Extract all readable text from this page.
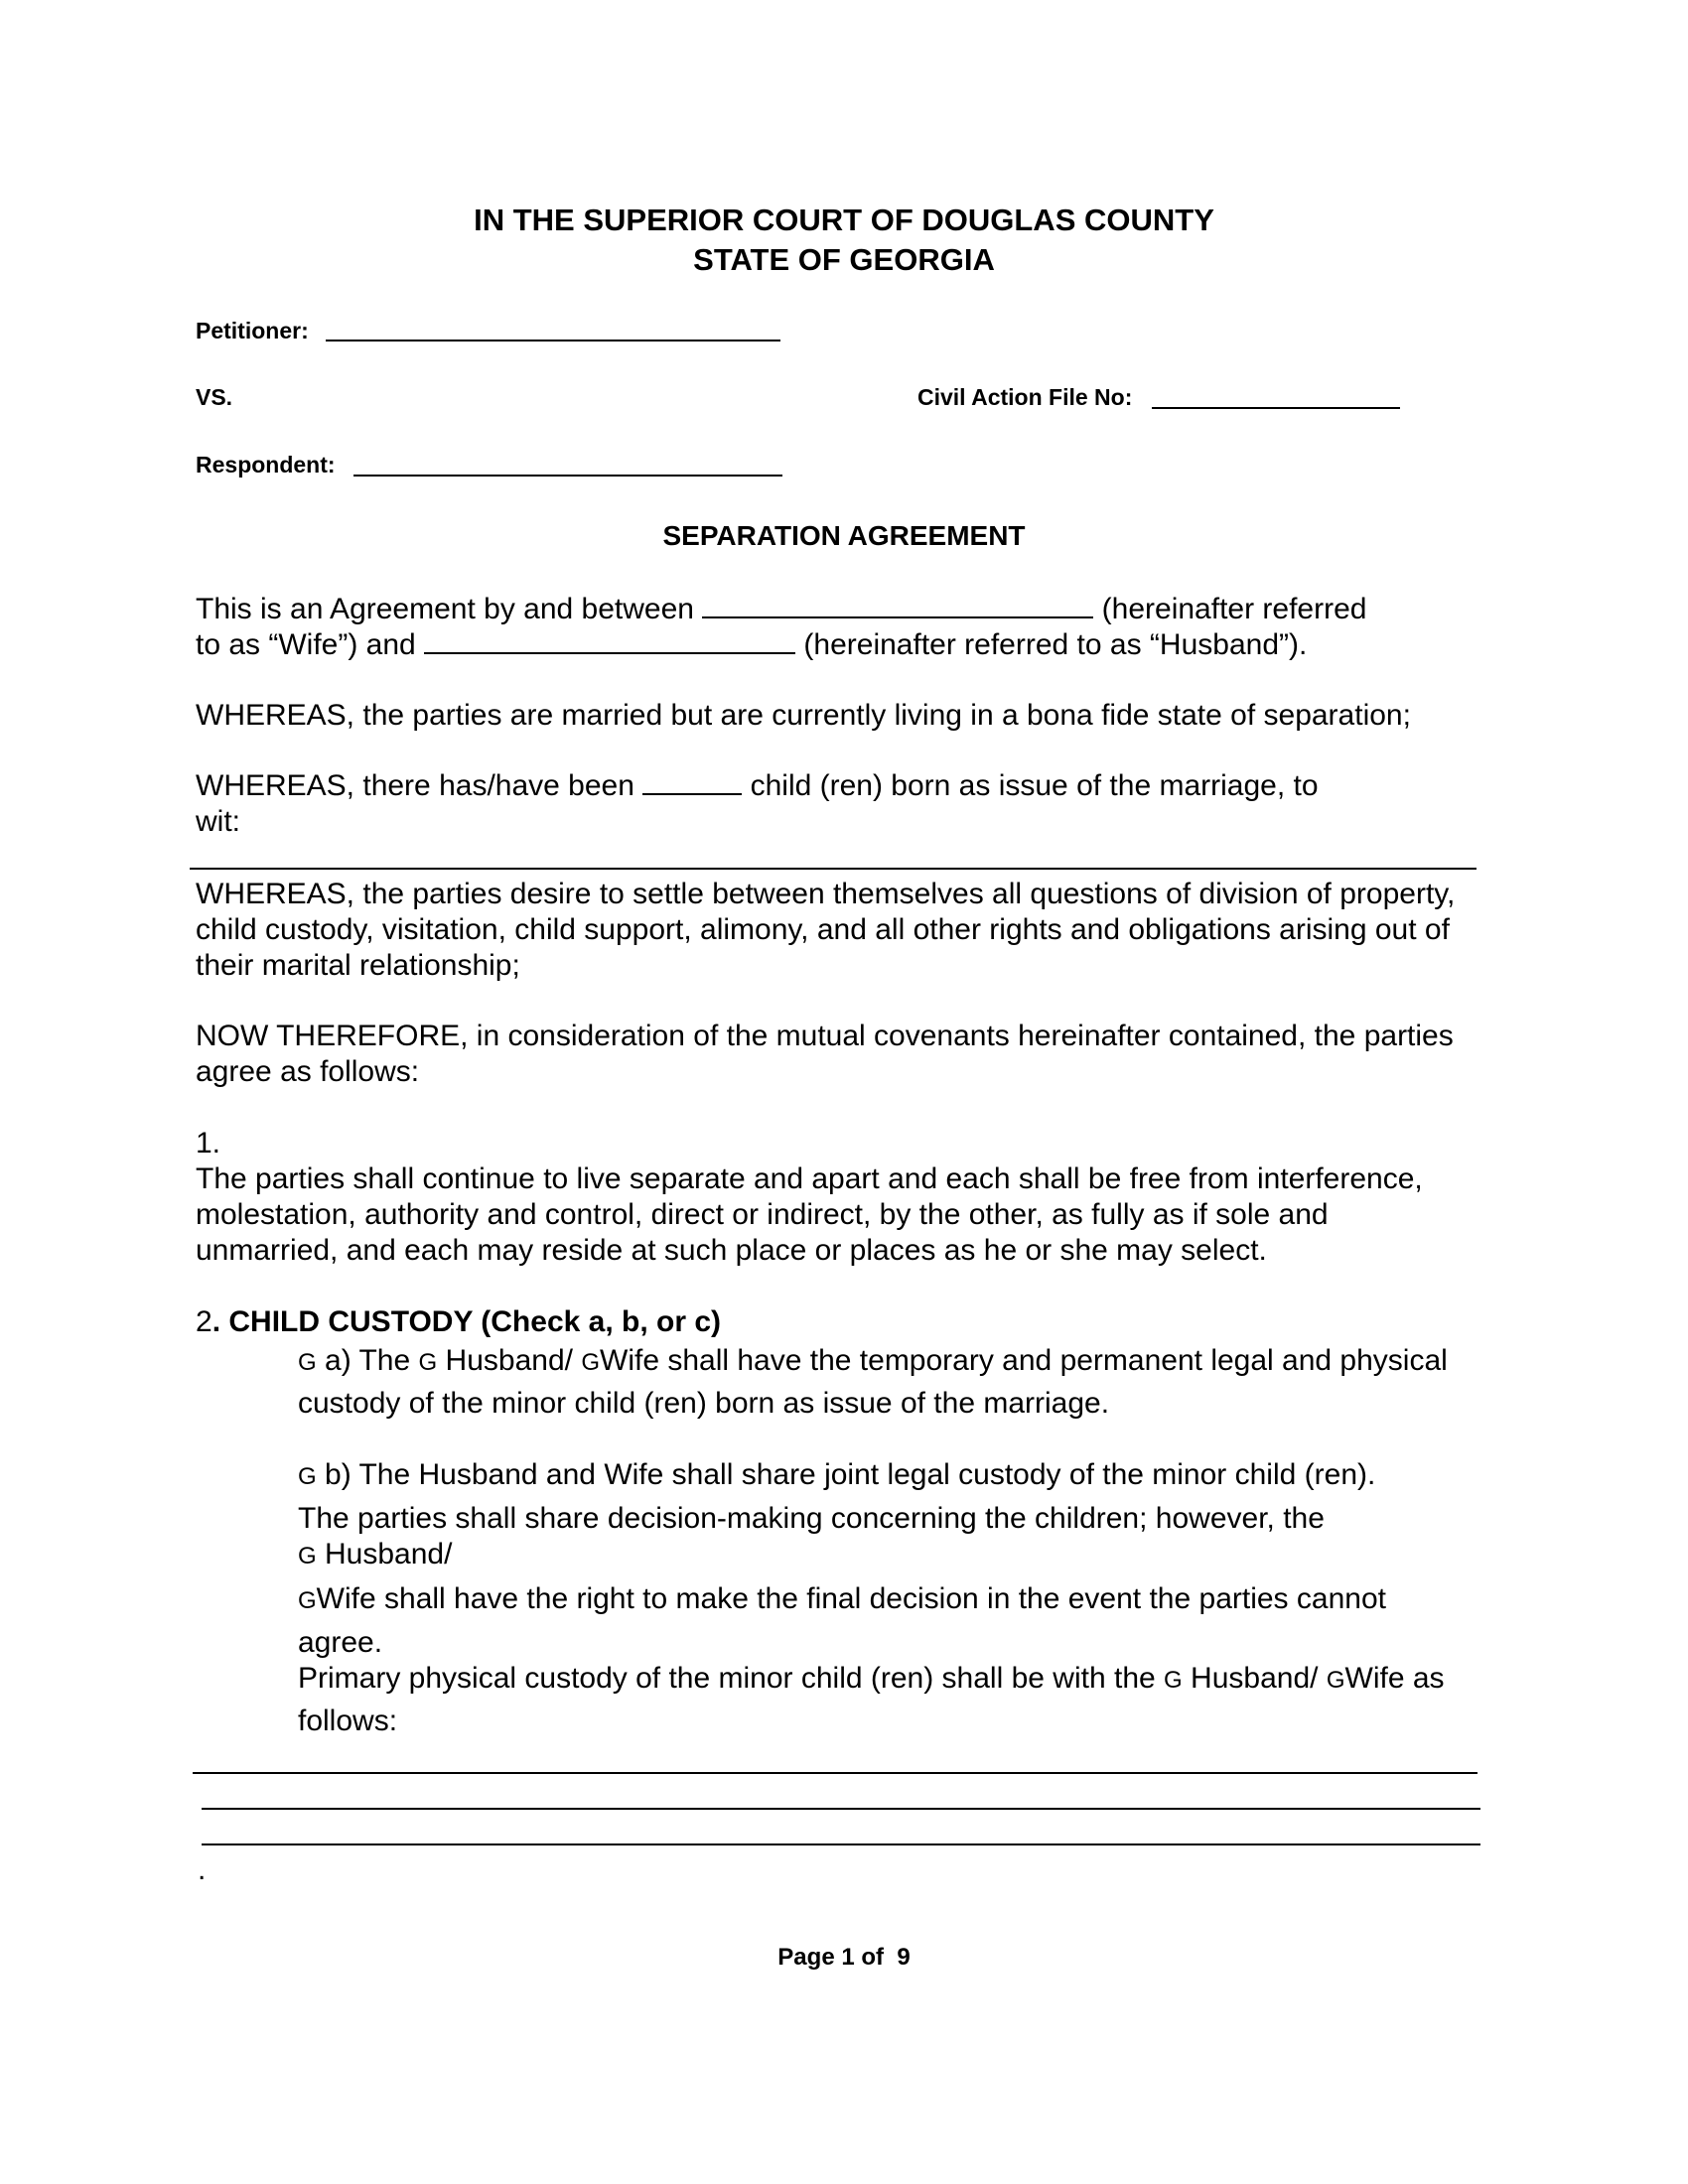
IN THE SUPERIOR COURT OF DOUGLAS COUNTY
STATE OF GEORGIA
Petitioner:
VS.	Civil Action File No:
Respondent:
SEPARATION AGREEMENT
This is an Agreement by and between	(hereinafter referred
to as “Wife”) and	(hereinafter referred to as “Husband”).
WHEREAS, the parties are married but are currently living in a bona fide state of separation;
WHEREAS, there has/have been	child (ren) born as issue of the marriage, to
wit:
WHEREAS, the parties desire to settle between themselves all questions of division of property,
child custody, visitation, child support, alimony, and all other rights and obligations arising out of
their marital relationship;
NOW THEREFORE, in consideration of the mutual covenants hereinafter contained, the parties
agree as follows:
1.
The parties shall continue to live separate and apart and each shall be free from interference,
molestation, authority and control, direct or indirect, by the other, as fully as if sole and
unmarried, and each may reside at such place or places as he or she may select.
2. CHILD CUSTODY (Check a, b, or c)
G a) The G Husband/ GWife shall have the temporary and permanent legal and physical
custody of the minor child (ren) born as issue of the marriage.
G b) The Husband and Wife shall share joint legal custody of the minor child (ren).
The parties shall share decision-making concerning the children; however, the
G Husband/
GWife shall have the right to make the final decision in the event the parties cannot
agree.
Primary physical custody of the minor child (ren) shall be with the G Husband/ GWife as
follows:
.
Page 1 of  9
